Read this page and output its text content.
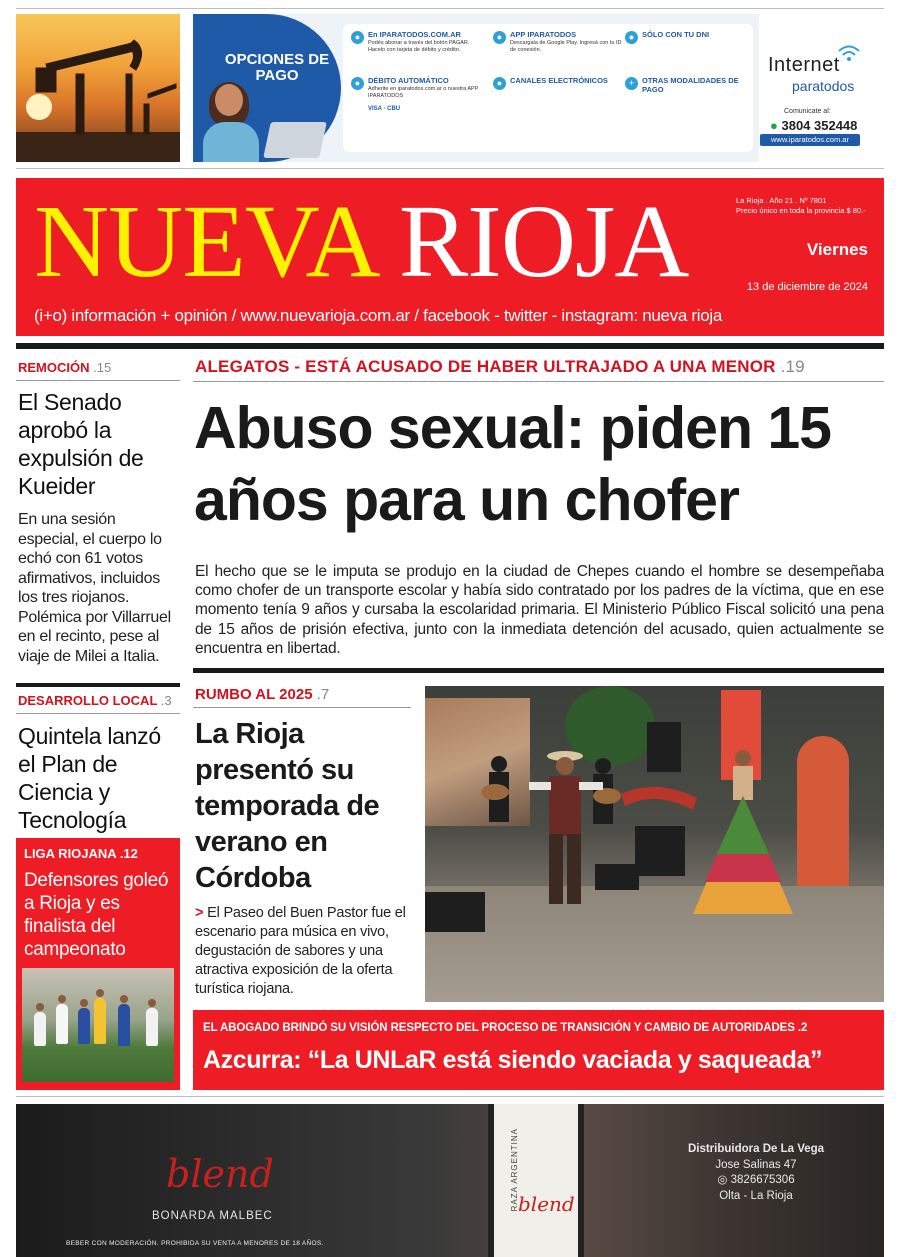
OPCIONES DE PAGO
●	En IPARATODOS.COM.AR
Podés abonar a través del botón PAGAR. Hacelo con tarjeta de débito y crédito.
●	DÉBITO AUTOMÁTICO
Adherite en iparatodos.com.ar o nuestra APP IPARATODOS
VISA · CBU
●	APP IPARATODOS
Descargala de Google Play. Ingresá con tu ID de conexión.
●	CANALES ELECTRÓNICOS
●	SÓLO CON TU DNI
+	OTRAS MODALIDADES DE PAGO
Internet
paratodos
Comunicate al:
● 3804 352448
www.iparatodos.com.ar
NUEVA RIOJA	La Rioja . Año 21 . Nº 7801
Precio único en toda la provincia $ 80.-
Viernes
13 de diciembre de 2024
(i+o) información + opinión / www.nuevarioja.com.ar / facebook - twitter - instagram: nueva rioja
REMOCIÓN .15
El Senado aprobó la expulsión de Kueider
En una sesión especial, el cuerpo lo echó con 61 votos afirmativos, incluidos los tres riojanos. Polémica por Villarruel en el recinto, pese al viaje de Milei a Italia.
DESARROLLO LOCAL .3
Quintela lanzó el Plan de Ciencia y Tecnología
LIGA RIOJANA .12
Defensores goleó a Rioja y es finalista del campeonato
ALEGATOS - ESTÁ ACUSADO DE HABER ULTRAJADO A UNA MENOR .19
Abuso sexual: piden 15 años para un chofer
El hecho que se le imputa se produjo en la ciudad de Chepes cuando el hombre se desempeñaba como chofer de un transporte escolar y había sido contratado por los padres de la víctima, que en ese momento tenía 9 años y cursaba la escolaridad primaria. El Ministerio Público Fiscal solicitó una pena de 15 años de prisión efectiva, junto con la inmediata detención del acusado, quien actualmente se encuentra en libertad.
RUMBO AL 2025 .7
La Rioja presentó su temporada de verano en Córdoba
> El Paseo del Buen Pastor fue el escenario para música en vivo, degustación de sabores y una atractiva exposición de la oferta turística riojana.
EL ABOGADO BRINDÓ SU VISIÓN RESPECTO DEL PROCESO DE TRANSICIÓN Y CAMBIO DE AUTORIDADES .2
Azcurra: “La UNLaR está siendo vaciada y saqueada”
blend
BONARDA MALBEC
BEBER CON MODERACIÓN. PROHIBIDA SU VENTA A MENORES DE 18 AÑOS.
RAZA ARGENTINA blend
Distribuidora De La Vega
Jose Salinas 47
◎ 3826675306
Olta - La Rioja
